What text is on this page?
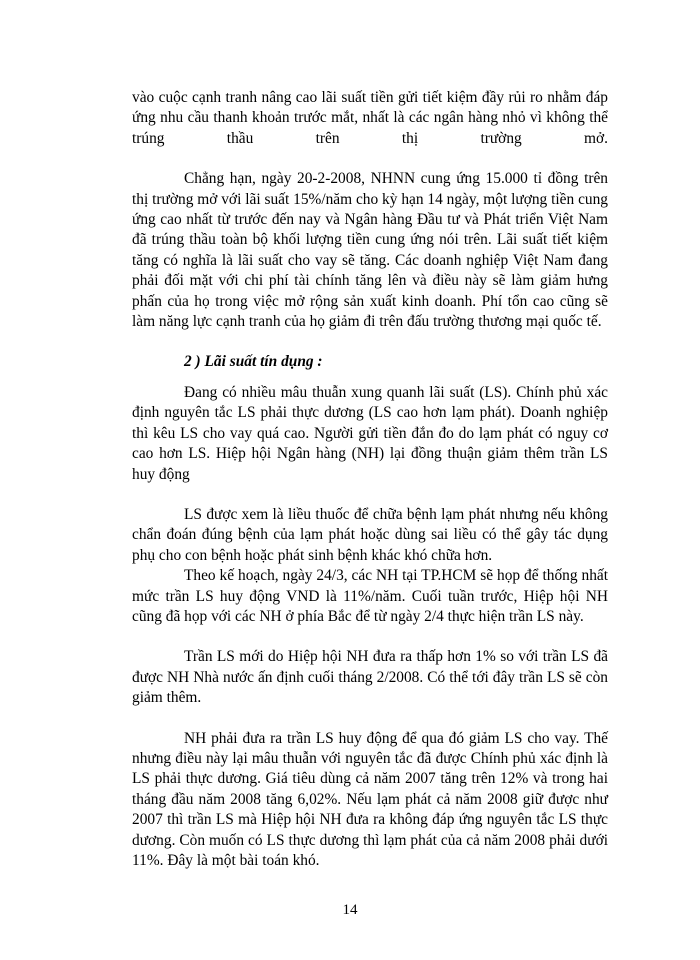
vào cuộc cạnh tranh nâng cao lãi suất tiền gửi tiết kiệm đầy rủi ro nhằm đáp ứng nhu cầu thanh khoản trước mắt, nhất là các ngân hàng nhỏ vì không thể trúng thầu trên thị trường mở.

Chẳng hạn, ngày 20-2-2008, NHNN cung ứng 15.000 tỉ đồng trên thị trường mở với lãi suất 15%/năm cho kỳ hạn 14 ngày, một lượng tiền cung ứng cao nhất từ trước đến nay và Ngân hàng Đầu tư và Phát triển Việt Nam đã trúng thầu toàn bộ khối lượng tiền cung ứng nói trên. Lãi suất tiết kiệm tăng có nghĩa là lãi suất cho vay sẽ tăng. Các doanh nghiệp Việt Nam đang phải đối mặt với chi phí tài chính tăng lên và điều này sẽ làm giảm hưng phấn của họ trong việc mở rộng sản xuất kinh doanh. Phí tổn cao cũng sẽ làm năng lực cạnh tranh của họ giảm đi trên đấu trường thương mại quốc tế.

2 ) Lãi suất tín dụng :

Đang có nhiều mâu thuẫn xung quanh lãi suất (LS). Chính phủ xác định nguyên tắc LS phải thực dương (LS cao hơn lạm phát). Doanh nghiệp thì kêu LS cho vay quá cao. Người gửi tiền đắn đo do lạm phát có nguy cơ cao hơn LS. Hiệp hội Ngân hàng (NH) lại đồng thuận giảm thêm trần LS huy động

LS được xem là liều thuốc để chữa bệnh lạm phát nhưng nếu không chẩn đoán đúng bệnh của lạm phát hoặc dùng sai liều có thể gây tác dụng phụ cho con bệnh hoặc phát sinh bệnh khác khó chữa hơn.

Theo kế hoạch, ngày 24/3, các NH tại TP.HCM sẽ họp để thống nhất mức trần LS huy động VND là 11%/năm. Cuối tuần trước, Hiệp hội NH cũng đã họp với các NH ở phía Bắc để từ ngày 2/4 thực hiện trần LS này.

Trần LS mới do Hiệp hội NH đưa ra thấp hơn 1% so với trần LS đã được NH Nhà nước ấn định cuối tháng 2/2008. Có thể tới đây trần LS sẽ còn giảm thêm.

NH phải đưa ra trần LS huy động để qua đó giảm LS cho vay. Thế nhưng điều này lại mâu thuẫn với nguyên tắc đã được Chính phủ xác định là LS phải thực dương. Giá tiêu dùng cả năm 2007 tăng trên 12% và trong hai tháng đầu năm 2008 tăng 6,02%. Nếu lạm phát cả năm 2008 giữ được như 2007 thì trần LS mà Hiệp hội NH đưa ra không đáp ứng nguyên tắc LS thực dương. Còn muốn có LS thực dương thì lạm phát của cả năm 2008 phải dưới 11%. Đây là một bài toán khó.

14
